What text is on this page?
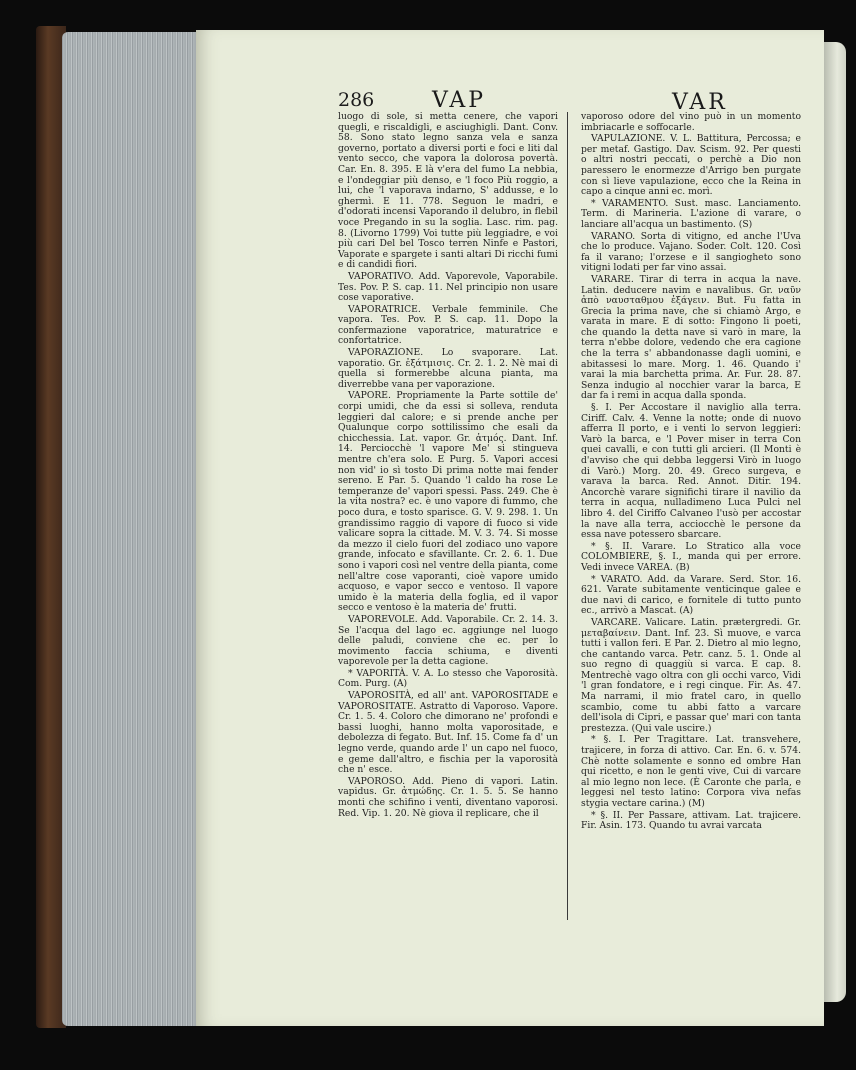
286	VAP	VAR

luogo di sole, si metta cenere, che vapori quegli, e riscaldigli, e asciughigli. Dant. Conv. 58. Sono stato legno sanza vela e sanza governo, portato a diversi porti e foci e liti dal vento secco, che vapora la dolorosa povertà. Car. En. 8. 395. E là v'era del fumo La nebbia, e l'ondeggiar più denso, e 'l foco Più roggio, a lui, che 'l vaporava indarno, S' addusse, e lo ghermì. E 11. 778. Seguon le madri, e d'odorati incensi Vaporando il delubro, in flebil voce Pregando in su la soglia. Lasc. rim. pag. 8. (Livorno 1799) Voi tutte più leggiadre, e voi più cari Del bel Tosco terren Ninfe e Pastori, Vaporate e spargete i santi altari Di ricchi fumi e di candidi fiori.

VAPORATIVO. Add. Vaporevole, Vaporabile. Tes. Pov. P. S. cap. 11. Nel principio non usare cose vaporative.

VAPORATRICE. Verbale femminile. Che vapora. Tes. Pov. P. S. cap. 11. Dopo la confermazione vaporatrice, maturatrice e confortatrice.

VAPORAZIONE. Lo svaporare. Lat. vaporatio. Gr. ἐξάτμισις. Cr. 2. 1. 2. Nè mai di quella si formerebbe alcuna pianta, ma diverrebbe vana per vaporazione.

VAPORE. Propriamente la Parte sottile de' corpi umidi, che da essi si solleva, renduta leggieri dal calore; e si prende anche per Qualunque corpo sottilissimo che esali da chicchessia. Lat. vapor. Gr. ἀτμός. Dant. Inf. 14. Perciocchè 'l vapore Me' si stingueva mentre ch'era solo. E Purg. 5. Vapori accesi non vid' io sì tosto Di prima notte mai fender sereno. E Par. 5. Quando 'l caldo ha rose Le temperanze de' vapori spessi. Pass. 249. Che è la vita nostra? ec. è uno vapore di fummo, che poco dura, e tosto sparisce. G. V. 9. 298. 1. Un grandissimo raggio di vapore di fuoco si vide valicare sopra la cittade. M. V. 3. 74. Si mosse da mezzo il cielo fuori del zodiaco uno vapore grande, infocato e sfavillante. Cr. 2. 6. 1. Due sono i vapori così nel ventre della pianta, come nell'altre cose vaporanti, cioè vapore umido acquoso, e vapor secco e ventoso. Il vapore umido è la materia della foglia, ed il vapor secco e ventoso è la materia de' frutti.

VAPOREVOLE. Add. Vaporabile. Cr. 2. 14. 3. Se l'acqua del lago ec. aggiunge nel luogo delle paludi, conviene che ec. per lo movimento faccia schiuma, e diventi vaporevole per la detta cagione.

* VAPORITÀ. V. A. Lo stesso che Vaporosità. Com. Purg. (A)

VAPOROSITÀ, ed all' ant. VAPOROSITADE e VAPOROSITATE. Astratto di Vaporoso. Vapore. Cr. 1. 5. 4. Coloro che dimorano ne' profondi e bassi luoghi, hanno molta vaporositade, e debolezza di fegato. But. Inf. 15. Come fa d' un legno verde, quando arde l' un capo nel fuoco, e geme dall'altro, e fischia per la vaporosità che n' esce.

VAPOROSO. Add. Pieno di vapori. Latin. vapidus. Gr. ἀτμώδης. Cr. 1. 5. 5. Se hanno monti che schifino i venti, diventano vaporosi. Red. Vip. 1. 20. Nè giova il replicare, che il

vaporoso odore del vino può in un momento imbriacarle e soffocarle.

VAPULAZIONE. V. L. Battitura, Percossa; e per metaf. Gastigo. Dav. Scism. 92. Per questi o altri nostri peccati, o perchè a Dio non paressero le enormezze d'Arrigo ben purgate con sì lieve vapulazione, ecco che la Reina in capo a cinque anni ec. morì.

* VARAMENTO. Sust. masc. Lanciamento. Term. di Marineria. L'azione di varare, o lanciare all'acqua un bastimento. (S)

VARANO. Sorta di vitigno, ed anche l'Uva che lo produce. Vajano. Soder. Colt. 120. Così fa il varano; l'orzese e il sangiogheto sono vitigni lodati per far vino assai.

VARARE. Tirar di terra in acqua la nave. Latin. deducere navim e navalibus. Gr. ναῦν ἀπὸ ναυσταθμου ἐξάγειν. But. Fu fatta in Grecia la prima nave, che si chiamò Argo, e varata in mare. E di sotto: Fingono li poeti, che quando la detta nave si varò in mare, la terra n'ebbe dolore, vedendo che era cagione che la terra s' abbandonasse dagli uomini, e abitassesi lo mare. Morg. 1. 46. Quando i' varai la mia barchetta prima. Ar. Fur. 28. 87. Senza indugio al nocchier varar la barca, E dar fa i remi in acqua dalla sponda.

§. I. Per Accostare il naviglio alla terra. Ciriff. Calv. 4. Venne la notte; onde di nuovo afferra Il porto, e i venti lo servon leggieri: Varò la barca, e 'l Pover miser in terra Con quei cavalli, e con tutti gli arcieri. (Il Monti è d'avviso che qui debba leggersi Virò in luogo di Varò.) Morg. 20. 49. Greco surgeva, e varava la barca. Red. Annot. Ditir. 194. Ancorchè varare significhi tirare il navilio da terra in acqua, nulladimeno Luca Pulci nel libro 4. del Ciriffo Calvaneo l'usò per accostar la nave alla terra, acciocchè le persone da essa nave potessero sbarcare.

* §. II. Varare. Lo Stratico alla voce COLOMBIERE, §. I., manda qui per errore. Vedi invece VAREA. (B)

* VARATO. Add. da Varare. Serd. Stor. 16. 621. Varate subitamente venticinque galee e due navi di carico, e fornitele di tutto punto ec., arrivò a Mascat. (A)

VARCARE. Valicare. Latin. prætergredi. Gr. μεταβαίνειν. Dant. Inf. 23. Sì muove, e varca tutti i vallon feri. E Par. 2. Dietro al mio legno, che cantando varca. Petr. canz. 5. 1. Onde al suo regno di quaggiù si varca. E cap. 8. Mentrechè vago oltra con gli occhi varco, Vidi 'l gran fondatore, e i regi cinque. Fir. As. 47. Ma narrami, il mio fratel caro, in quello scambio, come tu abbi fatto a varcare dell'isola di Cipri, e passar que' mari con tanta prestezza. (Qui vale uscire.)

* §. I. Per Tragittare. Lat. transvehere, trajicere, in forza di attivo. Car. En. 6. v. 574. Chè notte solamente e sonno ed ombre Han qui ricetto, e non le genti vive, Cui di varcare al mio legno non lece. (È Caronte che parla, e leggesi nel testo latino: Corpora viva nefas stygia vectare carina.) (M)

* §. II. Per Passare, attivam. Lat. trajicere. Fir. Asin. 173. Quando tu avrai varcata
